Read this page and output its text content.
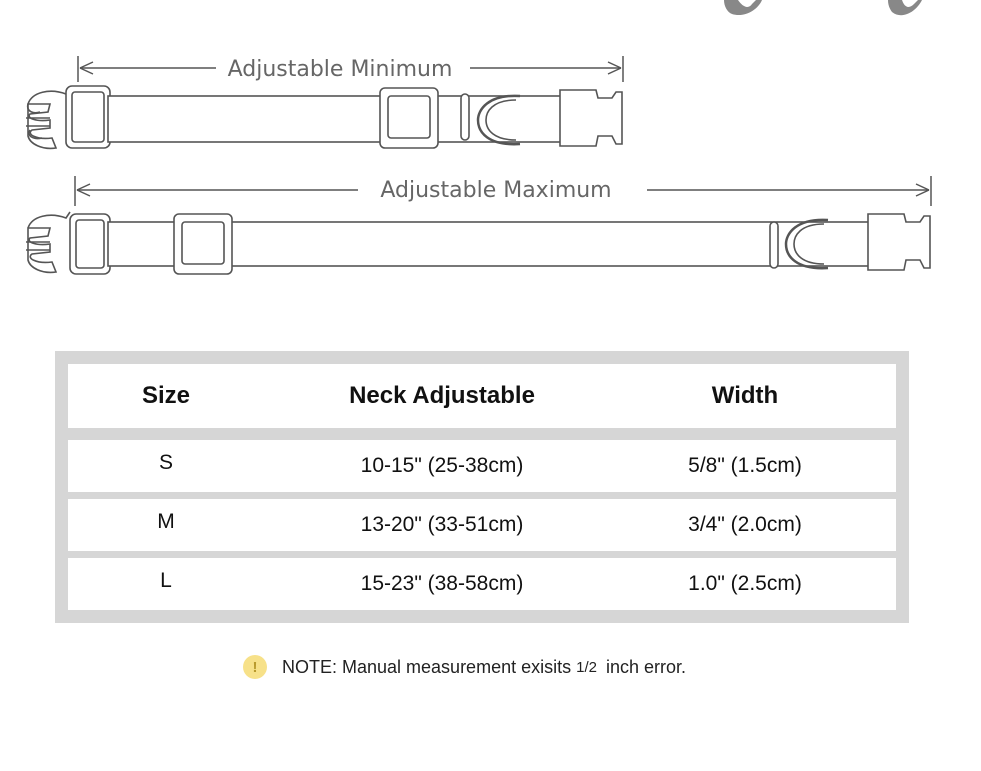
Adjustable Minimum
Adjustable Maximum
Size	Neck Adjustable	Width
S	10-15" (25-38cm)	5/8" (1.5cm)
M	13-20" (33-51cm)	3/4" (2.0cm)
L	15-23" (38-58cm)	1.0" (2.5cm)
!	NOTE: Manual measurement exisits 1/2 inch error.
